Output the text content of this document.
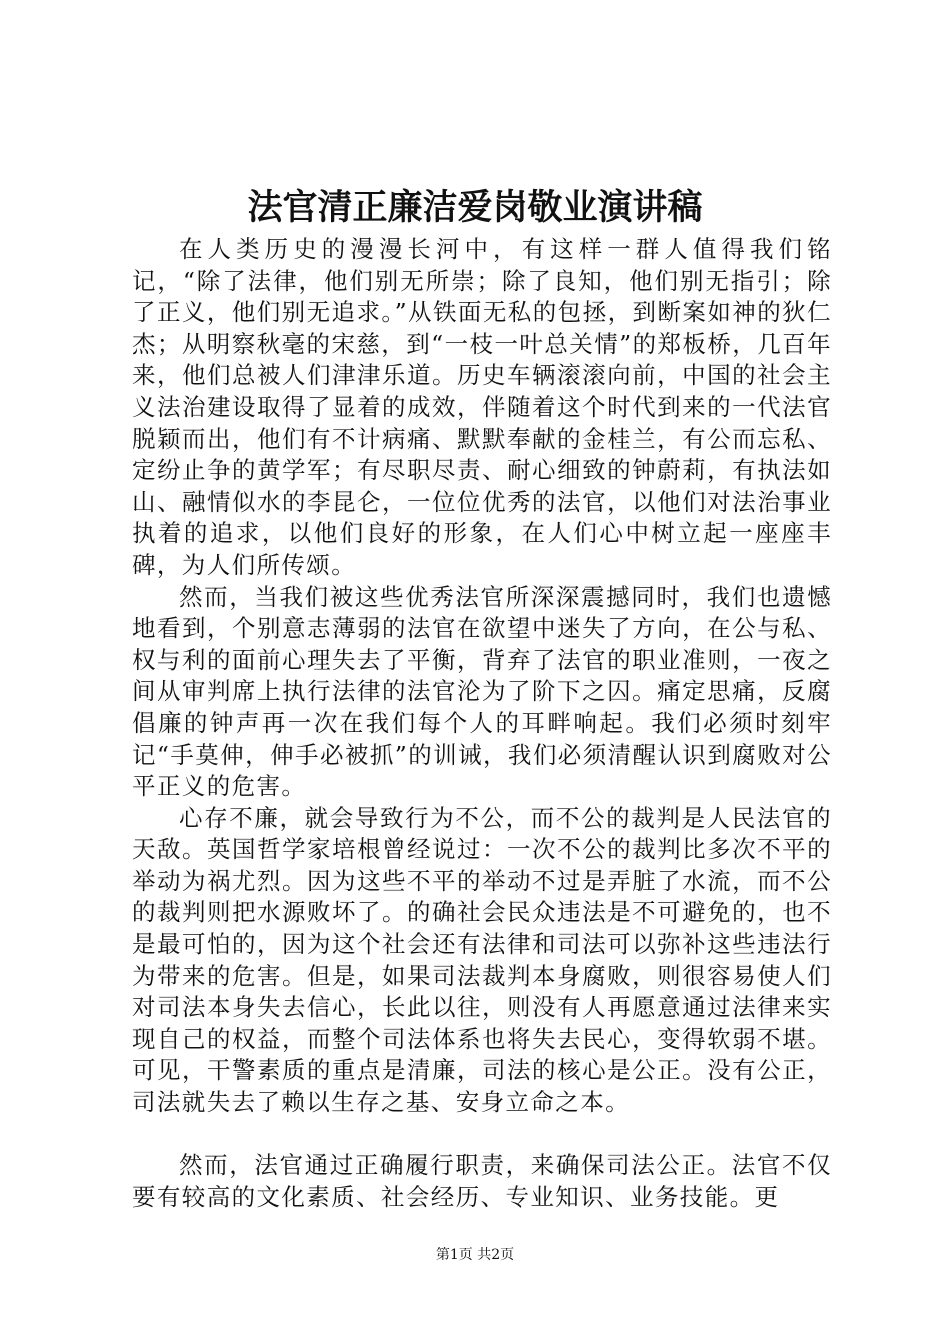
法官清正廉洁爱岗敬业演讲稿

在人类历史的漫漫长河中，有这样一群人值得我们铭记，“除了法律，他们别无所崇；除了良知，他们别无指引；除了正义，他们别无追求。”从铁面无私的包拯，到断案如神的狄仁杰；从明察秋毫的宋慈，到“一枝一叶总关情”的郑板桥，几百年来，他们总被人们津津乐道。历史车辆滚滚向前，中国的社会主义法治建设取得了显着的成效，伴随着这个时代到来的一代法官脱颖而出，他们有不计病痛、默默奉献的金桂兰，有公而忘私、定纷止争的黄学军；有尽职尽责、耐心细致的钟蔚莉，有执法如山、融情似水的李昆仑，一位位优秀的法官，以他们对法治事业执着的追求，以他们良好的形象，在人们心中树立起一座座丰碑，为人们所传颂。

然而，当我们被这些优秀法官所深深震撼同时，我们也遗憾地看到，个别意志薄弱的法官在欲望中迷失了方向，在公与私、权与利的面前心理失去了平衡，背弃了法官的职业准则，一夜之间从审判席上执行法律的法官沦为了阶下之囚。痛定思痛，反腐倡廉的钟声再一次在我们每个人的耳畔响起。我们必须时刻牢记“手莫伸，伸手必被抓”的训诫，我们必须清醒认识到腐败对公平正义的危害。

心存不廉，就会导致行为不公，而不公的裁判是人民法官的天敌。英国哲学家培根曾经说过：一次不公的裁判比多次不平的举动为祸尤烈。因为这些不平的举动不过是弄脏了水流，而不公的裁判则把水源败坏了。的确社会民众违法是不可避免的，也不是最可怕的，因为这个社会还有法律和司法可以弥补这些违法行为带来的危害。但是，如果司法裁判本身腐败，则很容易使人们对司法本身失去信心，长此以往，则没有人再愿意通过法律来实现自己的权益，而整个司法体系也将失去民心，变得软弱不堪。可见，干警素质的重点是清廉，司法的核心是公正。没有公正，司法就失去了赖以生存之基、安身立命之本。

然而，法官通过正确履行职责，来确保司法公正。法官不仅要有较高的文化素质、社会经历、专业知识、业务技能。更

第1页 共2页
